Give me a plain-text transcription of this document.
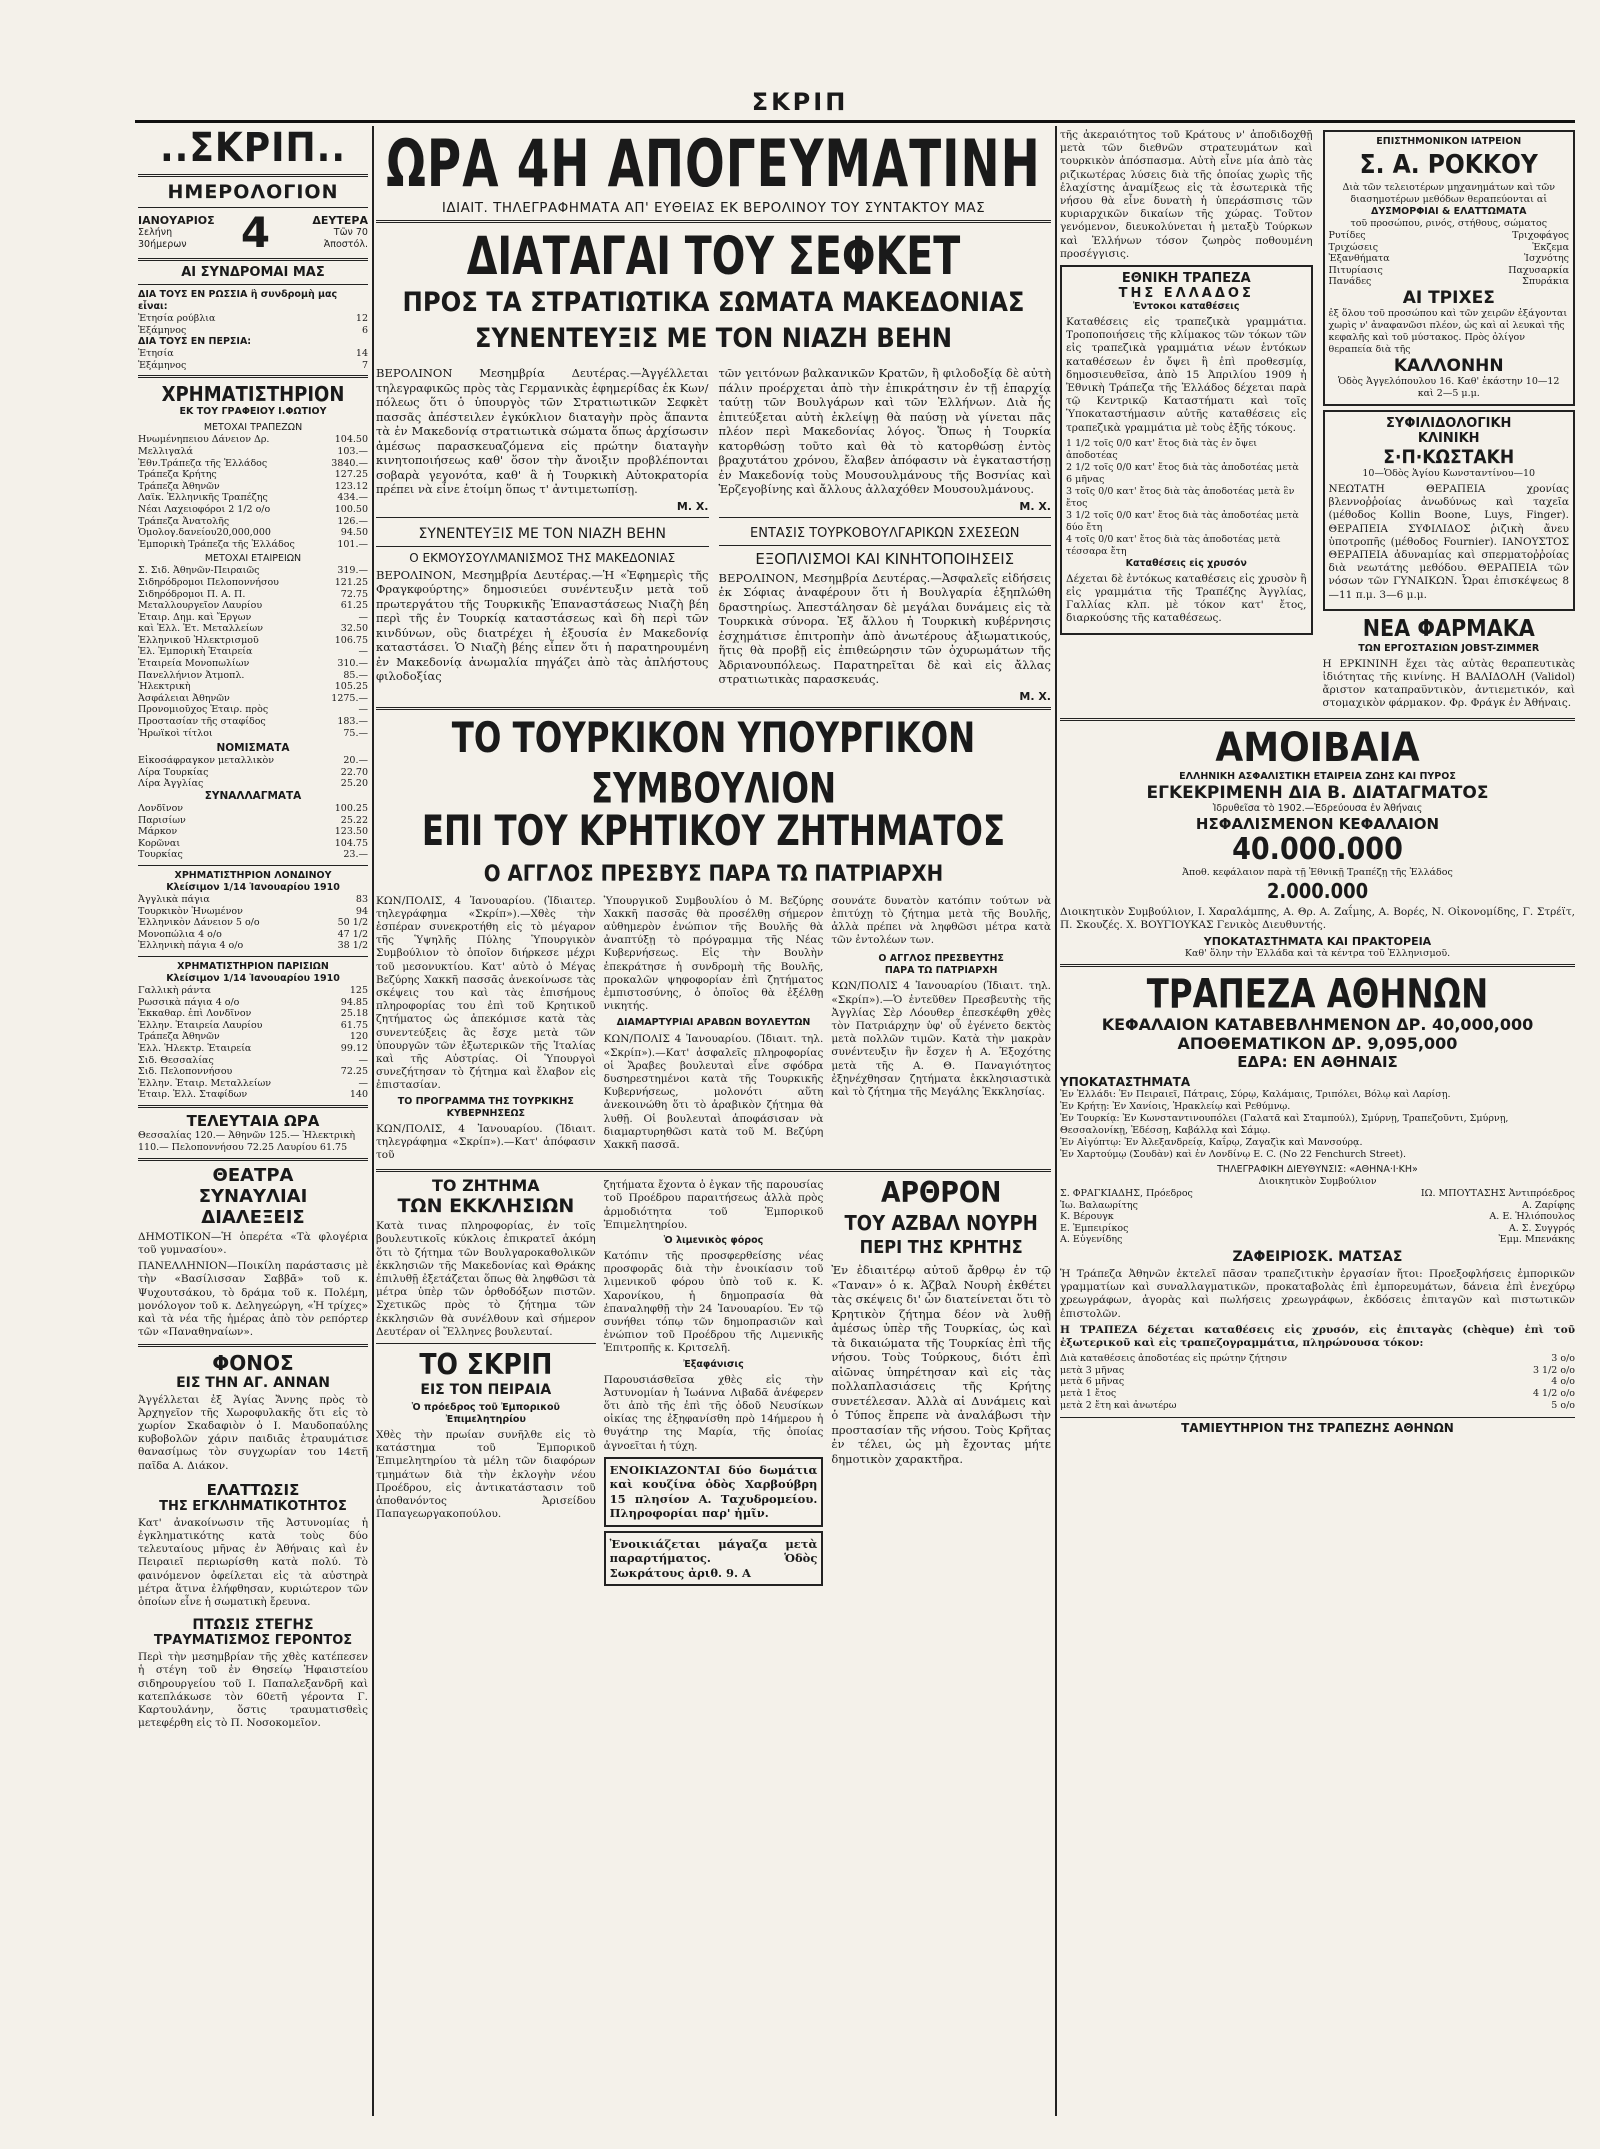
ΣΚΡΙΠ
..ΣΚΡΙΠ..
ΗΜΕΡΟΛΟΓΙΟΝ
ΙΑΝΟΥΑΡΙΟΣ
Σελήνη 30ήμερων	4	ΔΕΥΤΕΡΑ
Τῶν 70 Ἀποστόλ.
ΑΙ ΣΥΝΔΡΟΜΑΙ ΜΑΣ
ΔΙΑ ΤΟΥΣ ΕΝ ΡΩΣΣΙΑ ἢ συνδρομὴ μας εἶναι:
Ἐτησία ρούβλια	12
Ἑξάμηνος	6
ΔΙΑ ΤΟΥΣ ΕΝ ΠΕΡΣΙΑ:
Ἐτησία	14
Ἑξάμηνος	7
ΧΡΗΜΑΤΙΣΤΗΡΙΟΝ
ΕΚ ΤΟΥ ΓΡΑΦΕΙΟΥ Ι.ΦΩΤΙΟΥ
ΜΕΤΟΧΑΙ ΤΡΑΠΕΖΩΝ
Ηνωμένηπειου Δάνειον Δρ.	104.50
Μελλιγαλά	103.—
Ἐθν.Τράπεζα τῆς Ἑλλάδος	3840.—
Τράπεζα Κρήτης	127.25
Τράπεζα Ἀθηνῶν	123.12
Λαϊκ. Ἑλληνικῆς Τραπέζης	434.—
Νέαι Λαχειοφόροι 2 1/2 ο/ο	100.50
Τράπεζα Ἀνατολῆς	126.—
Ὁμολογ.δανείου20,000,000	94.50
Ἐμπορικὴ Τράπεζα τῆς Ἑλλάδος	101.—
ΜΕΤΟΧΑΙ ΕΤΑΙΡΕΙΩΝ
Σ. Σιδ. Ἀθηνῶν-Πειραιῶς	319.—
Σιδηρόδρομοι Πελοποννήσου	121.25
Σιδηρόδρομοι Π. Α. Π.	72.75
Μεταλλουργεῖον Λαυρίου	61.25
Ἑταιρ. Δημ. καὶ Ἔργων	—
καὶ Ἑλλ. Ἑτ. Μεταλλείων	32.50
Ἑλληνικοῦ Ἠλεκτρισμοῦ	106.75
Ἐλ. Ἐμπορικὴ Ἑταιρεία	—
Ἑταιρεία Μονοπωλίων	310.—
Πανελλήνιον Ἀτμοπλ.	85.—
Ἠλεκτρικὴ	105.25
Ἀσφάλειαι Ἀθηνῶν	1275.—
Προνομιοῦχος Ἑταιρ. πρὸς	—
Προστασίαν τῆς σταφίδος	183.—
Ἠρωϊκοὶ τίτλοι	75.—
ΝΟΜΙΣΜΑΤΑ
Εἰκοσάφραγκον μεταλλικὸν	20.—
Λίρα Τουρκίας	22.70
Λίρα Ἀγγλίας	25.20
ΣΥΝΑΛΛΑΓΜΑΤΑ
Λονδῖνον	100.25
Παρισίων	25.22
Μάρκον	123.50
Κορῶναι	104.75
Τουρκίας	23.—
ΧΡΗΜΑΤΙΣΤΗΡΙΟΝ ΛΟΝΔΙΝΟΥ
Κλείσιμον 1/14 Ἰανουαρίου 1910
Ἀγγλικὰ πάγια	83
Τουρκικὸν Ἡνωμένον	94
Ἑλληνικὸν Δάνειον 5 ο/ο	50 1/2
Μονοπώλια 4 ο/ο	47 1/2
Ἐλληνικὴ πάγια 4 ο/ο	38 1/2
ΧΡΗΜΑΤΙΣΤΗΡΙΟΝ ΠΑΡΙΣΙΩΝ
Κλείσιμον 1/14 Ἰανουαρίου 1910
Γαλλικὴ ράντα	125
Ρωσσικὰ πάγια 4 ο/ο	94.85
Ἐκκαθαρ. ἐπὶ Λονδῖνον	25.18
Ἑλλην. Ἑταιρεία Λαυρίου	61.75
Τράπεζα Ἀθηνῶν	120
Ἑλλ. Ἠλεκτρ. Ἑταιρεία	99.12
Σιδ. Θεσσαλίας	—
Σιδ. Πελοποννήσου	72.25
Ἑλλην. Ἑταιρ. Μεταλλείων	—
Ἑταιρ. Ἑλλ. Σταφίδων	140
ΤΕΛΕΥΤΑΙΑ ΩΡΑ
Θεσσαλίας 120.— Ἀθηνῶν 125.— Ἠλεκτρικὴ 110.— Πελοποννήσου 72.25 Λαυρίου 61.75
ΘΕΑΤΡΑ
ΣΥΝΑΥΛΙΑΙ
ΔΙΑΛΕΞΕΙΣ
ΔΗΜΟΤΙΚΟΝ—Ἡ ὀπερέτα «Τὰ φλογέρια τοῦ γυμνασίου».
ΠΑΝΕΛΛΗΝΙΟΝ—Ποικίλη παράστασις μὲ τὴν «Βασίλισσαν Σαββᾶ» τοῦ κ. Ψυχουτσάκου, τὸ δράμα τοῦ κ. Πολέμη, μονόλογον τοῦ κ. Δεληγεώργη, «Ἡ τρίχες» καὶ τὰ νέα τῆς ἡμέρας ἀπὸ τὸν ρεπόρτερ τῶν «Παναθηναίων».
ΦΟΝΟΣ
ΕΙΣ ΤΗΝ ΑΓ. ΑΝΝΑΝ
Ἀγγέλλεται ἐξ Ἁγίας Ἄννης πρὸς τὸ Ἀρχηγεῖον τῆς Χωροφυλακῆς ὅτι εἰς τὸ χωρίον Σκαδαφιὸν ὁ Ι. Μαυδοπαύλης κυβοβολῶν χάριν παιδιᾶς ἐτραυμάτισε θανασίμως τὸν συγχωρίαν του 14ετῆ παῖδα Α. Διάκον.
ΕΛΑΤΤΩΣΙΣ
ΤΗΣ ΕΓΚΛΗΜΑΤΙΚΟΤΗΤΟΣ
Κατ' ἀνακοίνωσιν τῆς Ἀστυνομίας ἡ ἐγκληματικότης κατὰ τοὺς δύο τελευταίους μῆνας ἐν Ἀθήναις καὶ ἐν Πειραιεῖ περιωρίσθη κατὰ πολύ. Τὸ φαινόμενον ὀφείλεται εἰς τὰ αὐστηρὰ μέτρα ἅτινα ἐλήφθησαν, κυριώτερον τῶν ὁποίων εἶνε ἡ σωματικὴ ἔρευνα.
ΠΤΩΣΙΣ ΣΤΕΓΗΣ
ΤΡΑΥΜΑΤΙΣΜΟΣ ΓΕΡΟΝΤΟΣ
Περὶ τὴν μεσημβρίαν τῆς χθὲς κατέπεσεν ἡ στέγη τοῦ ἐν Θησείῳ Ἡφαιστείου σιδηρουργείου τοῦ Ι. Παπαλεξανδρῆ καὶ κατεπλάκωσε τὸν 60ετῆ γέροντα Γ. Καρτουλάνην, ὅστις τραυματισθεὶς μετεφέρθη εἰς τὸ Π. Νοσοκομεῖον.
ΩΡΑ 4Η ΑΠΟΓΕΥΜΑΤΙΝΗ
ΙΔΙΑΙΤ. ΤΗΛΕΓΡΑΦΗΜΑΤΑ ΑΠ' ΕΥΘΕΙΑΣ ΕΚ ΒΕΡΟΛΙΝΟΥ ΤΟΥ ΣΥΝΤΑΚΤΟΥ ΜΑΣ
ΔΙΑΤΑΓΑΙ ΤΟΥ ΣΕΦΚΕΤ
ΠΡΟΣ ΤΑ ΣΤΡΑΤΙΩΤΙΚΑ ΣΩΜΑΤΑ ΜΑΚΕΔΟΝΙΑΣ
ΣΥΝΕΝΤΕΥΞΙΣ ΜΕ ΤΟΝ ΝΙΑΖΗ ΒΕΗΝ
ΒΕΡΟΛΙΝΟΝ Μεσημβρία Δευτέρας.—Ἀγγέλλεται τηλεγραφικῶς πρὸς τὰς Γερμανικὰς ἐφημερίδας ἐκ Κων/πόλεως ὅτι ὁ ὑπουργὸς τῶν Στρατιωτικῶν Σεφκὲτ πασσᾶς ἀπέστειλεν ἐγκύκλιον διαταγὴν πρὸς ἅπαντα τὰ ἐν Μακεδονίᾳ στρατιωτικὰ σώματα ὅπως ἀρχίσωσιν ἀμέσως παρασκευαζόμενα εἰς πρώτην διαταγὴν κινητοποιήσεως καθ' ὅσον τὴν ἄνοιξιν προβλέπονται σοβαρὰ γεγονότα, καθ' ἃ ἡ Τουρκικὴ Αὐτοκρατορία πρέπει νὰ εἶνε ἑτοίμη ὅπως τ' ἀντιμετωπίσῃ.
Μ. Χ.
ΣΥΝΕΝΤΕΥΞΙΣ ΜΕ ΤΟΝ ΝΙΑΖΗ ΒΕΗΝ
Ο ΕΚΜΟΥΣΟΥΛΜΑΝΙΣΜΟΣ ΤΗΣ ΜΑΚΕΔΟΝΙΑΣ
ΒΕΡΟΛΙΝΟΝ, Μεσημβρία Δευτέρας.—Ἡ «Ἐφημερὶς τῆς Φραγκφούρτης» δημοσιεύει συνέντευξιν μετὰ τοῦ πρωτεργάτου τῆς Τουρκικῆς Ἐπαναστάσεως Νιαζὴ βέη περὶ τῆς ἐν Τουρκίᾳ καταστάσεως καὶ δὴ περὶ τῶν κινδύνων, οὓς διατρέχει ἡ ἐξουσία ἐν Μακεδονίᾳ καταστάσει. Ὁ Νιαζὴ βέης εἶπεν ὅτι ἡ παρατηρουμένη ἐν Μακεδονίᾳ ἀνωμαλία πηγάζει ἀπὸ τὰς ἀπλήστους φιλοδοξίας
τῶν γειτόνων βαλκανικῶν Κρατῶν, ἢ φιλοδοξίᾳ δὲ αὐτὴ πάλιν προέρχεται ἀπὸ τὴν ἐπικράτησιν ἐν τῇ ἐπαρχίᾳ ταύτῃ τῶν Βουλγάρων καὶ τῶν Ἑλλήνων. Διὰ ἧς ἐπιτεύξεται αὐτὴ ἐκλείψῃ θὰ παύσῃ νὰ γίνεται πᾶς πλέον περὶ Μακεδονίας λόγος. Ὅπως ἡ Τουρκία κατορθώσῃ τοῦτο καὶ θὰ τὸ κατορθώσῃ ἐντὸς βραχυτάτου χρόνου, ἔλαβεν ἀπόφασιν νὰ ἐγκαταστήσῃ ἐν Μακεδονίᾳ τοὺς Μουσουλμάνους τῆς Βοσνίας καὶ Ἑρζεγοβίνης καὶ ἄλλους ἀλλαχόθεν Μουσουλμάνους.
Μ. Χ.
ΕΝΤΑΣΙΣ ΤΟΥΡΚΟΒΟΥΛΓΑΡΙΚΩΝ ΣΧΕΣΕΩΝ
ΕΞΟΠΛΙΣΜΟΙ ΚΑΙ ΚΙΝΗΤΟΠΟΙΗΣΕΙΣ
ΒΕΡΟΛΙΝΟΝ, Μεσημβρία Δευτέρας.—Ἀσφαλεῖς εἰδήσεις ἐκ Σόφιας ἀναφέρουν ὅτι ἡ Βουλγαρία ἐξηπλώθη δραστηρίως. Ἀπεστάλησαν δὲ μεγάλαι δυνάμεις εἰς τὰ Τουρκικὰ σύνορα. Ἐξ ἄλλου ἡ Τουρκικὴ κυβέρνησις ἐσχημάτισε ἐπιτροπὴν ἀπὸ ἀνωτέρους ἀξιωματικούς, ἥτις θὰ προβῇ εἰς ἐπιθεώρησιν τῶν ὀχυρωμάτων τῆς Ἀδριανουπόλεως. Παρατηρεῖται δὲ καὶ εἰς ἄλλας στρατιωτικὰς παρασκευάς.
Μ. Χ.
ΤΟ ΤΟΥΡΚΙΚΟΝ ΥΠΟΥΡΓΙΚΟΝ ΣΥΜΒΟΥΛΙΟΝ
ΕΠΙ ΤΟΥ ΚΡΗΤΙΚΟΥ ΖΗΤΗΜΑΤΟΣ
Ο ΑΓΓΛΟΣ ΠΡΕΣΒΥΣ ΠΑΡΑ ΤΩ ΠΑΤΡΙΑΡΧΗ
ΚΩΝ/ΠΟΛΙΣ, 4 Ἰανουαρίου. (Ἰδιαιτερ. τηλεγράφημα «Σκρίπ»).—Χθὲς τὴν ἑσπέραν συνεκροτήθη εἰς τὸ μέγαρον τῆς Ὑψηλῆς Πύλης Ὑπουργικὸν Συμβούλιον τὸ ὁποῖον διήρκεσε μέχρι τοῦ μεσονυκτίου. Κατ' αὐτὸ ὁ Μέγας Βεζύρης Χακκῆ πασσᾶς ἀνεκοίνωσε τὰς σκέψεις του καὶ τὰς ἐπισήμους πληροφορίας του ἐπὶ τοῦ Κρητικοῦ ζητήματος ὡς ἀπεκόμισε κατὰ τὰς συνεντεύξεις ἃς ἔσχε μετὰ τῶν ὑπουργῶν τῶν ἐξωτερικῶν τῆς Ἰταλίας καὶ τῆς Αὐστρίας. Οἱ Ὑπουργοὶ συνεζήτησαν τὸ ζήτημα καὶ ἔλαβον εἰς ἐπιστασίαν.
ΤΟ ΠΡΟΓΡΑΜΜΑ ΤΗΣ ΤΟΥΡΚΙΚΗΣ ΚΥΒΕΡΝΗΣΕΩΣ
ΚΩΝ/ΠΟΛΙΣ, 4 Ἰανουαρίου. (Ἰδιαιτ. τηλεγράφημα «Σκρίπ»).—Κατ' ἀπόφασιν τοῦ
Ὑπουργικοῦ Συμβουλίου ὁ Μ. Βεζύρης Χακκῆ πασσᾶς θὰ προσέλθῃ σήμερον αὐθημερὸν ἐνώπιον τῆς Βουλῆς θὰ ἀναπτύξῃ τὸ πρόγραμμα τῆς Νέας Κυβερνήσεως. Εἰς τὴν Βουλὴν ἐπεκράτησε ἡ συνδρομὴ τῆς Βουλῆς, προκαλῶν ψηφοφορίαν ἐπὶ ζητήματος ἐμπιστοσύνης, ὁ ὁποῖος θὰ ἐξέλθῃ νικητής.
ΔΙΑΜΑΡΤΥΡΙΑΙ ΑΡΑΒΩΝ ΒΟΥΛΕΥΤΩΝ
ΚΩΝ/ΠΟΛΙΣ 4 Ἰανουαρίου. (Ἰδιαιτ. τηλ. «Σκρίπ»).—Κατ' ἀσφαλεῖς πληροφορίας οἱ Ἄραβες βουλευταὶ εἶνε σφόδρα δυσηρεστημένοι κατὰ τῆς Τουρκικῆς Κυβερνήσεως, μολονότι αὕτη ἀνεκοινώθη ὅτι τὸ ἀραβικὸν ζήτημα θὰ λυθῇ. Οἱ βουλευταὶ ἀποφάσισαν νὰ διαμαρτυρηθῶσι κατὰ τοῦ Μ. Βεζύρη Χακκῆ πασσᾶ.
σουνάτε δυνατὸν κατόπιν τούτων νὰ ἐπιτύχῃ τὸ ζήτημα μετὰ τῆς Βουλῆς, ἀλλὰ πρέπει νὰ ληφθῶσι μέτρα κατὰ τῶν ἐντολέων των.
Ο ΑΓΓΛΟΣ ΠΡΕΣΒΕΥΤΗΣ
ΠΑΡΑ ΤΩ ΠΑΤΡΙΑΡΧΗ
ΚΩΝ/ΠΟΛΙΣ 4 Ἰανουαρίου (Ἰδιαιτ. τηλ. «Σκρίπ»).—Ὁ ἐντεῦθεν Πρεσβευτὴς τῆς Ἀγγλίας Σὲρ Λόουθερ ἐπεσκέφθη χθὲς τὸν Πατριάρχην ὑφ' οὗ ἐγένετο δεκτὸς μετὰ πολλῶν τιμῶν. Κατὰ τὴν μακρὰν συνέντευξιν ἣν ἔσχεν ἡ Α. Ἐξοχότης μετὰ τῆς Α. Θ. Παναγιότητος ἐξηνέχθησαν ζητήματα ἐκκλησιαστικὰ καὶ τὸ ζήτημα τῆς Μεγάλης Ἐκκλησίας.
ΤΟ ΖΗΤΗΜΑ
ΤΩΝ ΕΚΚΛΗΣΙΩΝ
Κατὰ τινας πληροφορίας, ἐν τοῖς βουλευτικοῖς κύκλοις ἐπικρατεῖ ἀκόμη ὅτι τὸ ζήτημα τῶν Βουλγαροκαθολικῶν ἐκκλησιῶν τῆς Μακεδονίας καὶ Θράκης ἐπιλυθῇ ἐξετάζεται ὅπως θὰ ληφθῶσι τὰ μέτρα ὑπὲρ τῶν ὀρθοδόξων πιστῶν. Σχετικῶς πρὸς τὸ ζήτημα τῶν ἐκκλησιῶν θὰ συνέλθουν καὶ σήμερον Δευτέραν οἱ Ἕλληνες βουλευταί.
ΤΟ ΣΚΡΙΠ
ΕΙΣ ΤΟΝ ΠΕΙΡΑΙΑ
Ὁ πρόεδρος τοῦ Ἐμπορικοῦ Ἐπιμελητηρίου
Χθὲς τὴν πρωίαν συνῆλθε εἰς τὸ κατάστημα τοῦ Ἐμπορικοῦ Ἐπιμελητηρίου τὰ μέλη τῶν διαφόρων τμημάτων διὰ τὴν ἐκλογὴν νέου Προέδρου, εἰς ἀντικατάστασιν τοῦ ἀποθανόντος Ἀρισείδου Παπαγεωργακοπούλου.
ζητήματα ἔχοντα ὁ ἐγκαν τῆς παρουσίας τοῦ Προέδρου παραιτήσεως ἀλλὰ πρὸς ἀρμοδιότητα τοῦ Ἐμπορικοῦ Ἐπιμελητηρίου.
Ὁ λιμενικὸς φόρος
Κατόπιν τῆς προσφερθείσης νέας προσφορᾶς διὰ τὴν ἐνοικίασιν τοῦ λιμενικοῦ φόρου ὑπὸ τοῦ κ. Κ. Χαρονίκου, ἡ δημοπρασία θὰ ἐπαναληφθῇ τὴν 24 Ἰανουαρίου. Ἐν τῷ συνήθει τόπῳ τῶν δημοπρασιῶν καὶ ἐνώπιον τοῦ Προέδρου τῆς Λιμενικῆς Ἐπιτροπῆς κ. Κριτσελῆ.
Ἐξαφάνισις
Παρουσιάσθεῖσα χθὲς εἰς τὴν Ἀστυνομίαν ἡ Ἰωάννα Λιβαδᾶ ἀνέφερεν ὅτι ἀπὸ τῆς ἐπὶ τῆς ὁδοῦ Νευσίκων οἰκίας της ἐξηφανίσθη πρὸ 14ήμερου ἡ θυγάτηρ της Μαρία, τῆς ὁποίας ἀγνοεῖται ἡ τύχη.
ΕΝΟΙΚΙΑΖΟΝΤΑΙ δύο δωμάτια καὶ κουζίνα ὁδὸς Χαρβούβρη 15 πλησίον Α. Ταχυδρομείου. Πληροφορίαι παρ' ἡμῖν.
Ἐνοικιάζεται μάγαζα μετὰ παραρτήματος. Ὁδὸς Σωκράτους ἀριθ. 9. Α
ΑΡΘΡΟΝ
ΤΟΥ ΑΖΒΑΛ ΝΟΥΡΗ
ΠΕΡΙ ΤΗΣ ΚΡΗΤΗΣ
Ἐν ἐδιαιτέρῳ αὐτοῦ ἄρθρῳ ἐν τῷ «Ταναν» ὁ κ. Ἀζβαλ Νουρὴ ἐκθέτει τὰς σκέψεις δι' ὧν διατείνεται ὅτι τὸ Κρητικὸν ζήτημα δέον νὰ λυθῇ ἀμέσως ὑπὲρ τῆς Τουρκίας, ὡς καὶ τὰ δικαιώματα τῆς Τουρκίας ἐπὶ τῆς νήσου. Τοὺς Τούρκους, διότι ἐπὶ αἰῶνας ὑπηρέτησαν καὶ εἰς τὰς πολλαπλασιάσεις τῆς Κρήτης συνετέλεσαν. Ἀλλὰ αἱ Δυνάμεις καὶ ὁ Τύπος ἔπρεπε νὰ ἀναλάβωσι τὴν προστασίαν τῆς νήσου. Τοὺς Κρῆτας ἐν τέλει, ὡς μὴ ἔχοντας μήτε δημοτικὸν χαρακτῆρα.
τῆς ἀκεραιότητος τοῦ Κράτους ν' ἀποδιδοχθῇ μετὰ τῶν διεθνῶν στρατευμάτων καὶ τουρκικὸν ἀπόσπασμα. Αὐτὴ εἶνε μία ἀπὸ τὰς ριζικωτέρας λύσεις διὰ τῆς ὁποίας χωρὶς τῆς ἐλαχίστης ἀναμίξεως εἰς τὰ ἐσωτερικὰ τῆς νήσου θὰ εἶνε δυνατὴ ἡ ὑπεράσπισις τῶν κυριαρχικῶν δικαίων τῆς χώρας. Τοῦτον γενόμενον, διευκολύνεται ἡ μεταξὺ Τούρκων καὶ Ἑλλήνων τόσον ζωηρὸς ποθουμένη προσέγγισις.
ΕΘΝΙΚΗ ΤΡΑΠΕΖΑ
ΤΗΣ ΕΛΛΑΔΟΣ
Ἐντοκοι καταθέσεις
Καταθέσεις εἰς τραπεζικὰ γραμμάτια. Τροποποιήσεις τῆς κλίμακος τῶν τόκων τῶν εἰς τραπεζικὰ γραμμάτια νέων ἐντόκων καταθέσεων ἐν ὄψει ἢ ἐπὶ προθεσμίᾳ, δημοσιευθεῖσα, ἀπὸ 15 Ἀπριλίου 1909 ἡ Ἐθνικὴ Τράπεζα τῆς Ἑλλάδος δέχεται παρὰ τῷ Κεντρικῷ Καταστήματι καὶ τοῖς Ὑποκαταστήμασιν αὐτῆς καταθέσεις εἰς τραπεζικὰ γραμμάτια μὲ τοὺς ἑξῆς τόκους.
1 1/2 τοῖς 0/0 κατ' ἔτος διὰ τὰς ἐν ὄψει ἀποδοτέας
2 1/2 τοῖς 0/0 κατ' ἔτος διὰ τὰς ἀποδοτέας μετὰ 6 μῆνας
3 τοῖς 0/0 κατ' ἔτος διὰ τὰς ἀποδοτέας μετὰ ἓν ἔτος
3 1/2 τοῖς 0/0 κατ' ἔτος διὰ τὰς ἀποδοτέας μετὰ δύο ἔτη
4 τοῖς 0/0 κατ' ἔτος διὰ τὰς ἀποδοτέας μετὰ τέσσαρα ἔτη
Καταθέσεις εἰς χρυσόν
Δέχεται δὲ ἐντόκως καταθέσεις εἰς χρυσὸν ἢ εἰς γραμμάτια τῆς Τραπέζης Ἀγγλίας, Γαλλίας κλπ. μὲ τόκον κατ' ἔτος, διαρκούσης τῆς καταθέσεως.
ΕΠΙΣΤΗΜΟΝΙΚΟΝ ΙΑΤΡΕΙΟΝ
Σ. Α. ΡΟΚΚΟΥ
Διὰ τῶν τελειοτέρων μηχανημάτων καὶ τῶν διασημοτέρων μεθόδων θεραπεύονται αἱ
ΔΥΣΜΟΡΦΙΑΙ & ΕΛΑΤΤΩΜΑΤΑ
τοῦ προσώπου, ρινός, στήθους, σώματος
Ρυτίδες	Τριχοφάγος
Τριχώσεις	Ἐκζεμα
Ἐξανθήματα	Ἰσχνότης
Πιτυρίασις	Παχυσαρκία
Πανάδες	Σπυράκια
ΑΙ ΤΡΙΧΕΣ
ἐξ ὅλου τοῦ προσώπου καὶ τῶν χειρῶν ἐξάγονται χωρὶς ν' ἀναφανῶσι πλέον, ὡς καὶ αἱ λευκαὶ τῆς κεφαλῆς καὶ τοῦ μύστακος. Πρὸς ὀλίγον θεραπεία διὰ τῆς
ΚΑΛΛΟΝΗΝ
Ὁδὸς Ἀγγελόπουλου 16. Καθ' ἑκάστην 10—12 καὶ 2—5 μ.μ.
ΣΥΦΙΛΙΔΟΛΟΓΙΚΗ
ΚΛΙΝΙΚΗ
Σ·Π·ΚΩΣΤΑΚΗ
10—Ὁδὸς Ἁγίου Κωνσταντίνου—10
ΝΕΩΤΑΤΗ ΘΕΡΑΠΕΙΑ χρονίας βλεννοῤῥοίας ἀνωδύνως καὶ ταχεῖα (μέθοδος Kollin Boone, Luys, Finger). ΘΕΡΑΠΕΙΑ ΣΥΦΙΛΙΔΟΣ ῥιζικὴ ἄνευ ὑποτροπῆς (μέθοδος Fournier). ΙΑΝΟΥΣΤΟΣ ΘΕΡΑΠΕΙΑ ἀδυναμίας καὶ σπερματοῤῥοίας διὰ νεωτάτης μεθόδου. ΘΕΡΑΠΕΙΑ τῶν νόσων τῶν ΓΥΝΑΙΚΩΝ. Ὧραι ἐπισκέψεως 8—11 π.μ. 3—6 μ.μ.
ΝΕΑ ΦΑΡΜΑΚΑ
ΤΩΝ ΕΡΓΟΣΤΑΣΙΩΝ JOBST-ZIMMER
Η ΕΡΚΙΝΙΝΗ ἔχει τὰς αὐτὰς θεραπευτικὰς ἰδιότητας τῆς κινίνης. Η ΒΑΛΙΔΟΛΗ (Validol) ἄριστον καταπραϋντικὸν, ἀντιεμετικόν, καὶ στομαχικὸν φάρμακον. Φρ. Φράγκ ἐν Ἀθήναις.
ΑΜΟΙΒΑΙΑ
ΕΛΛΗΝΙΚΗ ΑΣΦΑΛΙΣΤΙΚΗ ΕΤΑΙΡΕΙΑ ΖΩΗΣ ΚΑΙ ΠΥΡΟΣ
ΕΓΚΕΚΡΙΜΕΝΗ ΔΙΑ Β. ΔΙΑΤΑΓΜΑΤΟΣ
Ἱδρυθεῖσα τὸ 1902.—Ἑδρεύουσα ἐν Ἀθήναις
ΗΣΦΑΛΙΣΜΕΝΟΝ ΚΕΦΑΛΑΙΟΝ
40.000.000
Ἀποθ. κεφάλαιον παρὰ τῇ Ἐθνικῇ Τραπέζῃ τῆς Ἑλλάδος
2.000.000
Διοικητικὸν Συμβούλιον, Ι. Χαραλάμπης, Α. Θρ. Α. Ζαΐμης, Α. Βορές, Ν. Οἰκονομίδης, Γ. Στρέϊτ, Π. Σκουζές. Χ. ΒΟΥΓΙΟΥΚΑΣ Γενικὸς Διευθυντής.
ΥΠΟΚΑΤΑΣΤΗΜΑΤΑ ΚΑΙ ΠΡΑΚΤΟΡΕΙΑ
Καθ' ὅλην τὴν Ἑλλάδα καὶ τὰ κέντρα τοῦ Ἑλληνισμοῦ.
ΤΡΑΠΕΖΑ ΑΘΗΝΩΝ
ΚΕΦΑΛΑΙΟΝ ΚΑΤΑΒΕΒΛΗΜΕΝΟΝ ΔΡ. 40,000,000
ΑΠΟΘΕΜΑΤΙΚΟΝ ΔΡ. 9,095,000
ΕΔΡΑ: ΕΝ ΑΘΗΝΑΙΣ
ΥΠΟΚΑΤΑΣΤΗΜΑΤΑ
Ἐν Ἑλλάδι: Ἐν Πειραιεῖ, Πάτραις, Σύρῳ, Καλάμαις, Τριπόλει, Βόλῳ καὶ Λαρίσῃ.
Ἐν Κρήτῃ: Ἐν Χανίοις, Ἡρακλείῳ καὶ Ρεθύμνῳ.
Ἐν Τουρκίᾳ: Ἐν Κωνσταντινουπόλει (Γαλατᾶ καὶ Σταμπούλ), Σμύρνῃ, Τραπεζοῦντι, Σμύρνῃ, Θεσσαλονίκῃ, Ἐδέσσῃ, Καβάλλᾳ καὶ Σάμῳ.
Ἐν Αἰγύπτῳ: Ἐν Ἀλεξανδρείᾳ, Καΐρῳ, Ζαγαζὶκ καὶ Μανσούρᾳ.
Ἐν Χαρτούμῳ (Σουδὰν) καὶ ἐν Λονδίνῳ E. C. (No 22 Fenchurch Street).
ΤΗΛΕΓΡΑΦΙΚΗ ΔΙΕΥΘΥΝΣΙΣ: «ΑΘΗΝΑ·Ι·ΚΗ»
Διοικητικὸν Συμβούλιον
Σ. ΦΡΑΓΚΙΑΔΗΣ, Πρόεδρος	ΙΩ. ΜΠΟΥΤΑΣΗΣ Ἀντιπρόεδρος
Ἰω. Βαλαωρίτης	Α. Ζαρίφης
Κ. Βέρουγκ	Α. Ε. Ἡλιόπουλος
Ε. Ἐμπειρίκος	Α. Σ. Συγγρός
Α. Εὐγενίδης	Ἐμμ. Μπενάκης
ΖΑΦΕΙΡΙΟΣΚ. ΜΑΤΣΑΣ
Ἡ Τράπεζα Ἀθηνῶν ἐκτελεῖ πᾶσαν τραπεζιτικὴν ἐργασίαν ἤτοι: Προεξοφλήσεις ἐμπορικῶν γραμματίων καὶ συναλλαγματικῶν, προκαταβολὰς ἐπὶ ἐμπορευμάτων, δάνεια ἐπὶ ἐνεχύρῳ χρεωγράφων, ἀγορὰς καὶ πωλήσεις χρεωγράφων, ἐκδόσεις ἐπιταγῶν καὶ πιστωτικῶν ἐπιστολῶν.
Η ΤΡΑΠΕΖΑ δέχεται καταθέσεις εἰς χρυσόν, εἰς ἐπιταγὰς (chèque) ἐπὶ τοῦ ἐξωτερικοῦ καὶ εἰς τραπεζογραμμάτια, πληρώνουσα τόκον:
Διὰ καταθέσεις ἀποδοτέας εἰς πρώτην ζήτησιν	3 ο/ο
μετὰ 3 μῆνας	3 1/2 ο/ο
μετὰ 6 μῆνας	4 ο/ο
μετὰ 1 ἔτος	4 1/2 ο/ο
μετὰ 2 ἔτη καὶ ἀνωτέρω	5 ο/ο
ΤΑΜΙΕΥΤΗΡΙΟΝ ΤΗΣ ΤΡΑΠΕΖΗΣ ΑΘΗΝΩΝ
